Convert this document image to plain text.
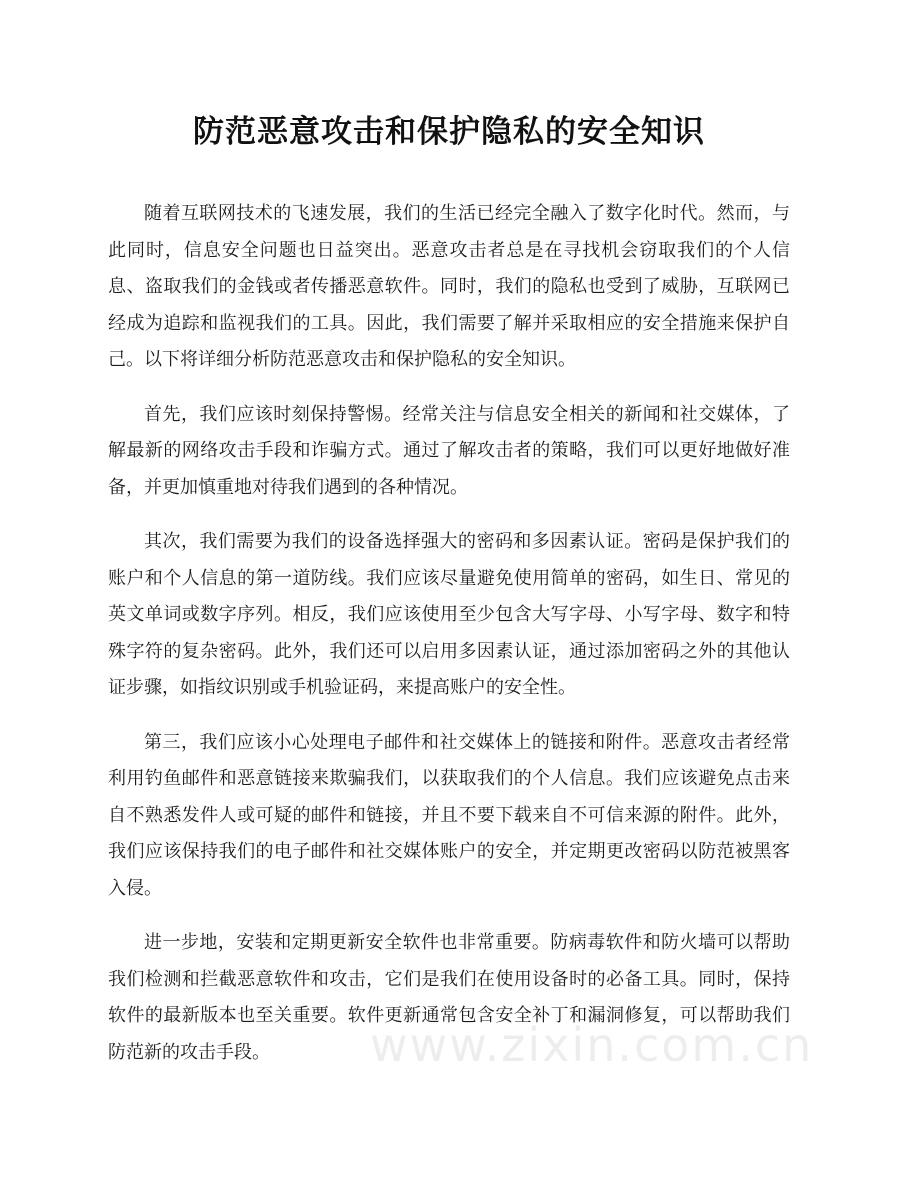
防范恶意攻击和保护隐私的安全知识

随着互联网技术的飞速发展，我们的生活已经完全融入了数字化时代。然而，与此同时，信息安全问题也日益突出。恶意攻击者总是在寻找机会窃取我们的个人信息、盗取我们的金钱或者传播恶意软件。同时，我们的隐私也受到了威胁，互联网已经成为追踪和监视我们的工具。因此，我们需要了解并采取相应的安全措施来保护自己。以下将详细分析防范恶意攻击和保护隐私的安全知识。

首先，我们应该时刻保持警惕。经常关注与信息安全相关的新闻和社交媒体，了解最新的网络攻击手段和诈骗方式。通过了解攻击者的策略，我们可以更好地做好准备，并更加慎重地对待我们遇到的各种情况。

其次，我们需要为我们的设备选择强大的密码和多因素认证。密码是保护我们的账户和个人信息的第一道防线。我们应该尽量避免使用简单的密码，如生日、常见的英文单词或数字序列。相反，我们应该使用至少包含大写字母、小写字母、数字和特殊字符的复杂密码。此外，我们还可以启用多因素认证，通过添加密码之外的其他认证步骤，如指纹识别或手机验证码，来提高账户的安全性。

第三，我们应该小心处理电子邮件和社交媒体上的链接和附件。恶意攻击者经常利用钓鱼邮件和恶意链接来欺骗我们，以获取我们的个人信息。我们应该避免点击来自不熟悉发件人或可疑的邮件和链接，并且不要下载来自不可信来源的附件。此外，我们应该保持我们的电子邮件和社交媒体账户的安全，并定期更改密码以防范被黑客入侵。

进一步地，安装和定期更新安全软件也非常重要。防病毒软件和防火墙可以帮助我们检测和拦截恶意软件和攻击，它们是我们在使用设备时的必备工具。同时，保持软件的最新版本也至关重要。软件更新通常包含安全补丁和漏洞修复，可以帮助我们防范新的攻击手段。	www.zixin.com.cn
